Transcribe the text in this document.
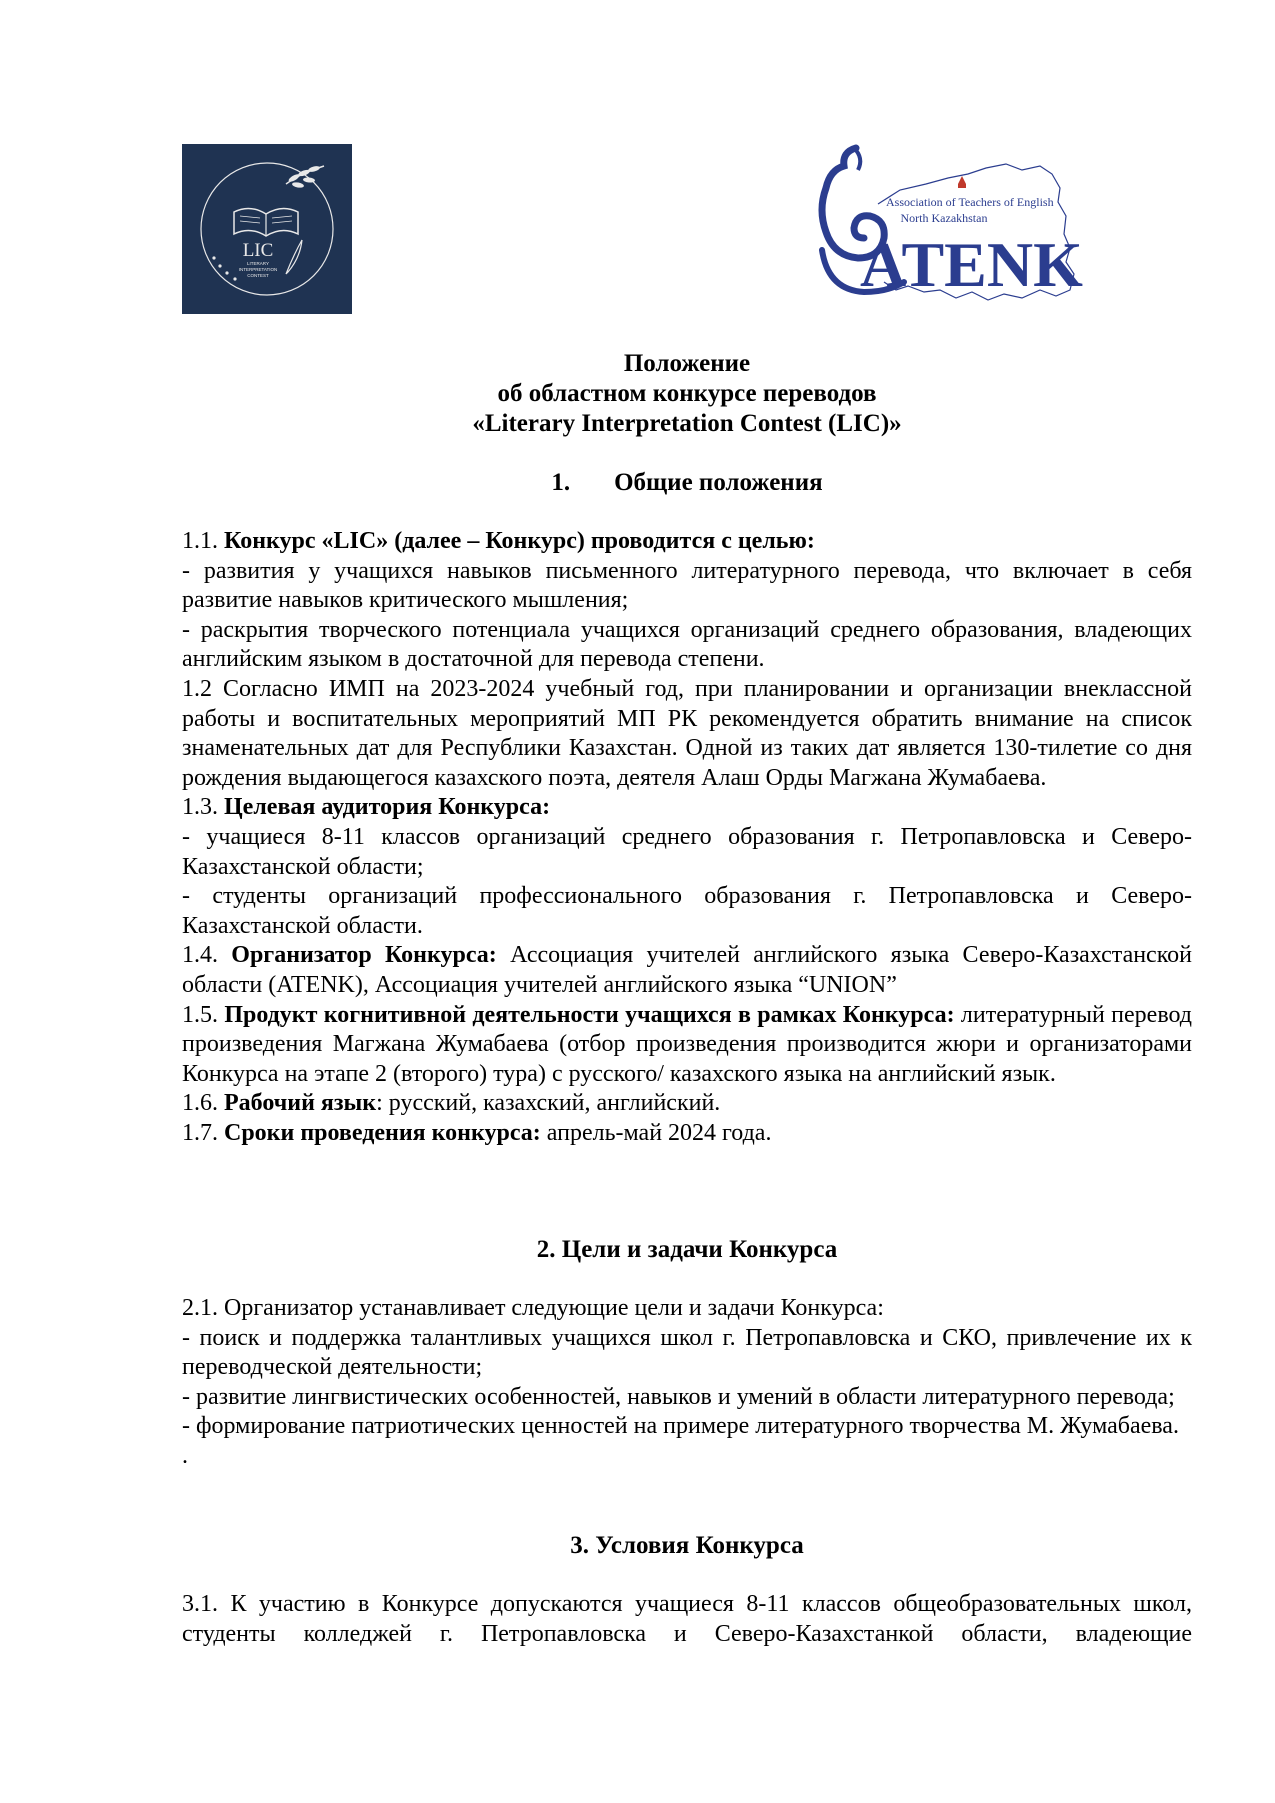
LIC
LITERARY
INTERPRETATION
CONTEST
Association of Teachers of English
North Kazakhstan
ATENK
Положение
об областном конкурсе переводов
«Literary Interpretation Contest (LIC)»
1. Общие положения

1.1. Конкурс «LIC» (далее – Конкурс) проводится с целью:

- развития у учащихся навыков письменного литературного перевода, что включает в себя развитие навыков критического мышления;

- раскрытия творческого потенциала учащихся организаций среднего образования, владеющих английским языком в достаточной для перевода степени.

1.2 Согласно ИМП на 2023-2024 учебный год, при планировании и организации внеклассной работы и воспитательных мероприятий МП РК рекомендуется обратить внимание на список знаменательных дат для Республики Казахстан. Одной из таких дат является 130-тилетие со дня рождения выдающегося казахского поэта, деятеля Алаш Орды Магжана Жумабаева.

1.3. Целевая аудитория Конкурса:

- учащиеся 8-11 классов организаций среднего образования г. Петропавловска и Северо-Казахстанской области;

- студенты организаций профессионального образования г. Петропавловска и Северо-Казахстанской области.

1.4. Организатор Конкурса: Ассоциация учителей английского языка Северо-Казахстанской области (ATENK), Ассоциация учителей английского языка “UNION”

1.5. Продукт когнитивной деятельности учащихся в рамках Конкурса: литературный перевод произведения Магжана Жумабаева (отбор произведения производится жюри и организаторами Конкурса на этапе 2 (второго) тура) с русского/ казахского языка на английский язык.

1.6. Рабочий язык: русский, казахский, английский.

1.7. Сроки проведения конкурса: апрель-май 2024 года.

2. Цели и задачи Конкурса

2.1. Организатор устанавливает следующие цели и задачи Конкурса:

- поиск и поддержка талантливых учащихся школ г. Петропавловска и СКО, привлечение их к переводческой деятельности;

- развитие лингвистических особенностей, навыков и умений в области литературного перевода;

- формирование патриотических ценностей на примере литературного творчества М. Жумабаева.

.

3. Условия Конкурса

3.1. К участию в Конкурсе допускаются учащиеся 8-11 классов общеобразовательных школ, студенты колледжей г. Петропавловска и Северо-Казахстанкой области, владеющие
